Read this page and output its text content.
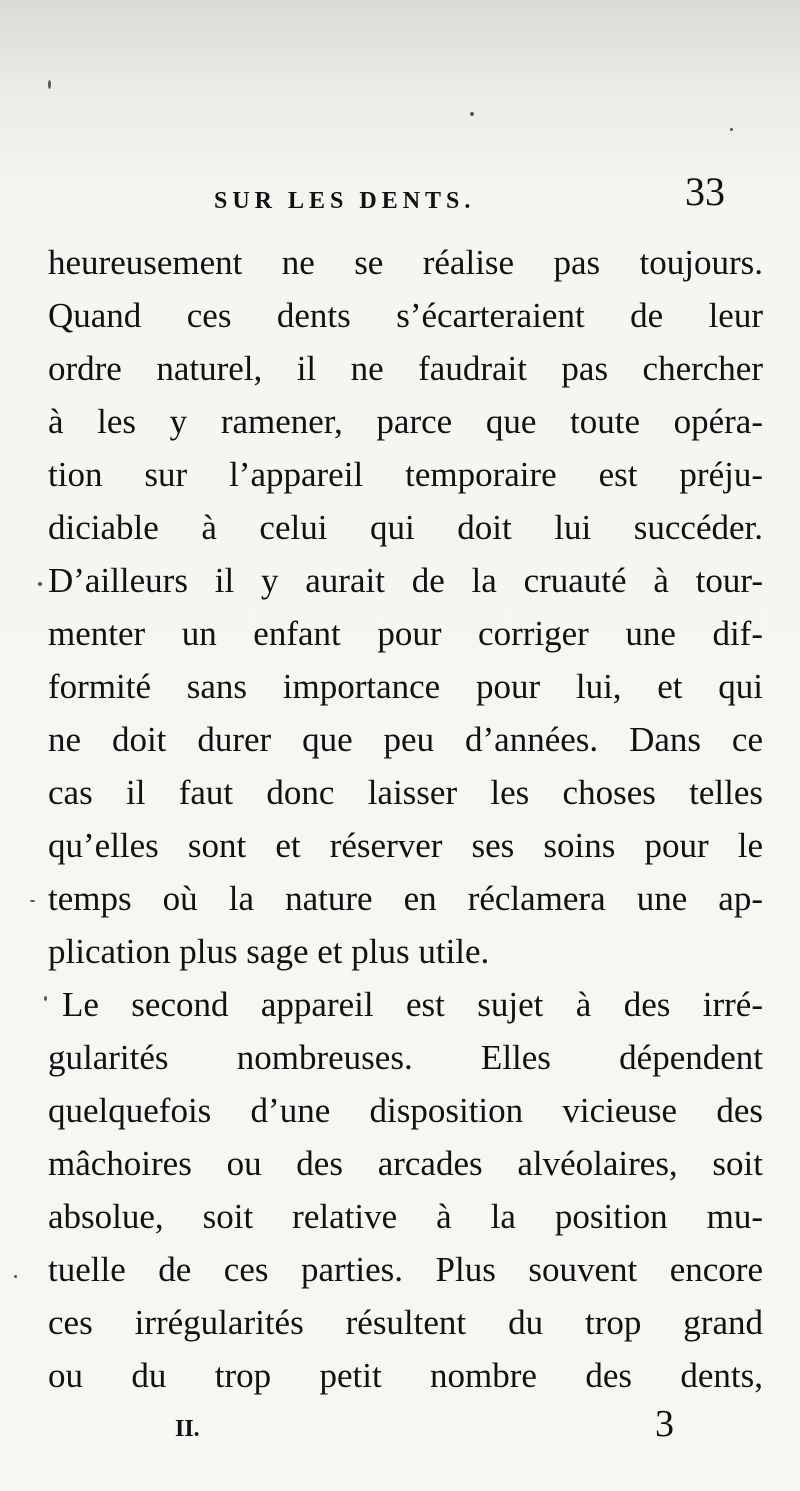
SUR LES DENTS.	33
heureusement ne se réalise pas toujours.
Quand ces dents s’écarteraient de leur
ordre naturel, il ne faudrait pas chercher
à les y ramener, parce que toute opéra-
tion sur l’appareil temporaire est préju-
diciable à celui qui doit lui succéder.
D’ailleurs il y aurait de la cruauté à tour-
menter un enfant pour corriger une dif-
formité sans importance pour lui, et qui
ne doit durer que peu d’années. Dans ce
cas il faut donc laisser les choses telles
qu’elles sont et réserver ses soins pour le
temps où la nature en réclamera une ap-
plication plus sage et plus utile.
Le second appareil est sujet à des irré-
gularités nombreuses. Elles dépendent
quelquefois d’une disposition vicieuse des
mâchoires ou des arcades alvéolaires, soit
absolue, soit relative à la position mu-
tuelle de ces parties. Plus souvent encore
ces irrégularités résultent du trop grand
ou du trop petit nombre des dents,
II.	3
